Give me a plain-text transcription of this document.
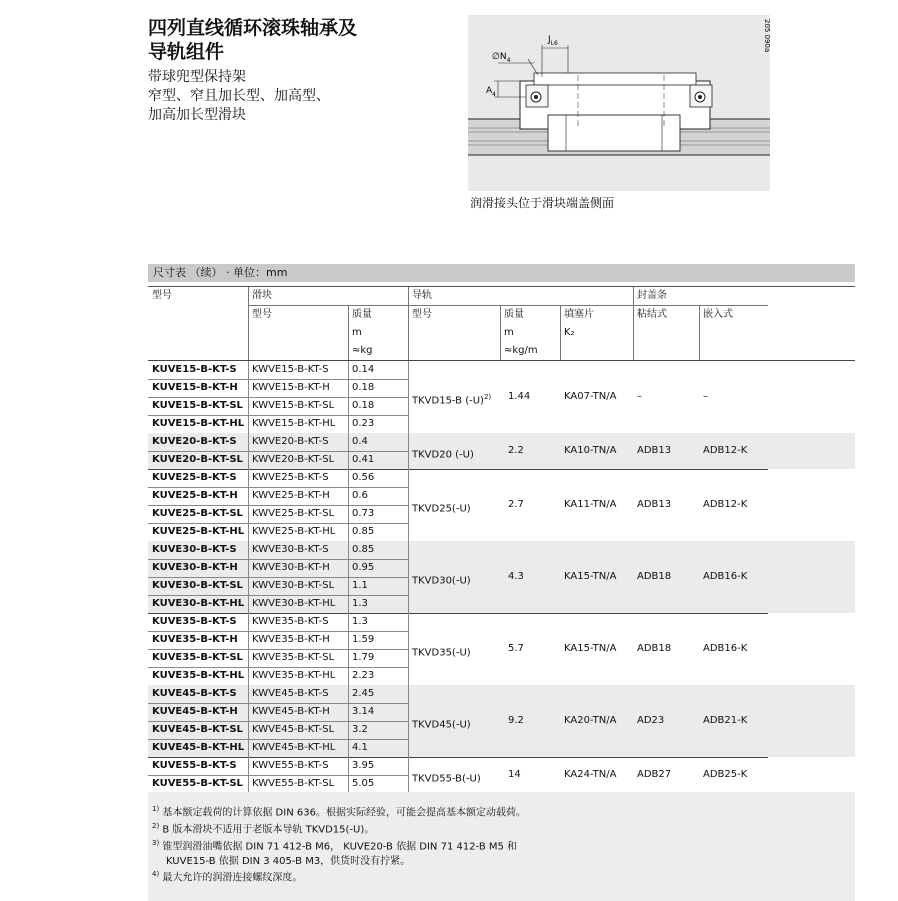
四列直线循环滚珠轴承及
导轨组件
带球兜型保持架
窄型、窄且加长型、加高型、
加高加长型滑块
$J_{L6}$
$\emptyset N_4$
$A_4$
205 090a
润滑接头位于滑块端盖侧面
尺寸表 （续） · 单位：mm
型号	滑块	导轨	封盖条
型号	质量
m
≈kg
型号	质量
m
≈kg/m
填塞片
K₂
粘结式	嵌入式
KUVE15-B-KT-S	KWVE15-B-KT-S	0.14
KUVE15-B-KT-H	KWVE15-B-KT-H	0.18
KUVE15-B-KT-SL KWVE15-B-KT-SL	0.18
KUVE15-B-KT-HL KWVE15-B-KT-HL	0.23
TKVD15-B $(-U)^{2)}$	1.44	KA07-TN/A	–	–
KUVE20-B-KT-S	KWVE20-B-KT-S	0.4
KUVE20-B-KT-SL KWVE20-B-KT-SL	0.41	TKVD20 (-U)	2.2	KA10-TN/A	ADB13	ADB12-K
KUVE25-B-KT-S	KWVE25-B-KT-S	0.56
KUVE25-B-KT-H	KWVE25-B-KT-H	0.6
KUVE25-B-KT-SL KWVE25-B-KT-SL	0.73
KUVE25-B-KT-HL KWVE25-B-KT-HL	0.85
TKVD25(-U)	2.7	KA11-TN/A	ADB13	ADB12-K
KUVE30-B-KT-S	KWVE30-B-KT-S	0.85
KUVE30-B-KT-H	KWVE30-B-KT-H	0.95
KUVE30-B-KT-SL KWVE30-B-KT-SL	1.1
KUVE30-B-KT-HL KWVE30-B-KT-HL	1.3
TKVD30(-U)	4.3	KA15-TN/A	ADB18	ADB16-K
KUVE35-B-KT-S	KWVE35-B-KT-S	1.3
KUVE35-B-KT-H	KWVE35-B-KT-H	1.59
KUVE35-B-KT-SL KWVE35-B-KT-SL	1.79
KUVE35-B-KT-HL KWVE35-B-KT-HL	2.23
TKVD35(-U)	5.7	KA15-TN/A	ADB18	ADB16-K
KUVE45-B-KT-S	KWVE45-B-KT-S	2.45
KUVE45-B-KT-H	KWVE45-B-KT-H	3.14
KUVE45-B-KT-SL KWVE45-B-KT-SL	3.2
KUVE45-B-KT-HL KWVE45-B-KT-HL	4.1
TKVD45(-U)	9.2	KA20-TN/A	AD23	ADB21-K
KUVE55-B-KT-S	KWVE55-B-KT-S	3.95
KUVE55-B-KT-SL KWVE55-B-KT-SL	5.05	TKVD55-B(-U)	14	KA24-TN/A	ADB27	ADB25-K
$^{1)}$ 基本额定载荷的计算依据 DIN 636。根据实际经验，可能会提高基本额定动载荷。
$^{2)}$ B 版本滑块不适用于老版本导轨 TKVD15(-U)。
$^{3)}$ 锥型润滑油嘴依据 DIN 71 412-B M6， KUVE20-B 依据 DIN 71 412-B M5 和
KUVE15-B 依据 DIN 3 405-B M3，供货时没有拧紧。
$^{4)}$ 最大允许的润滑连接螺纹深度。
